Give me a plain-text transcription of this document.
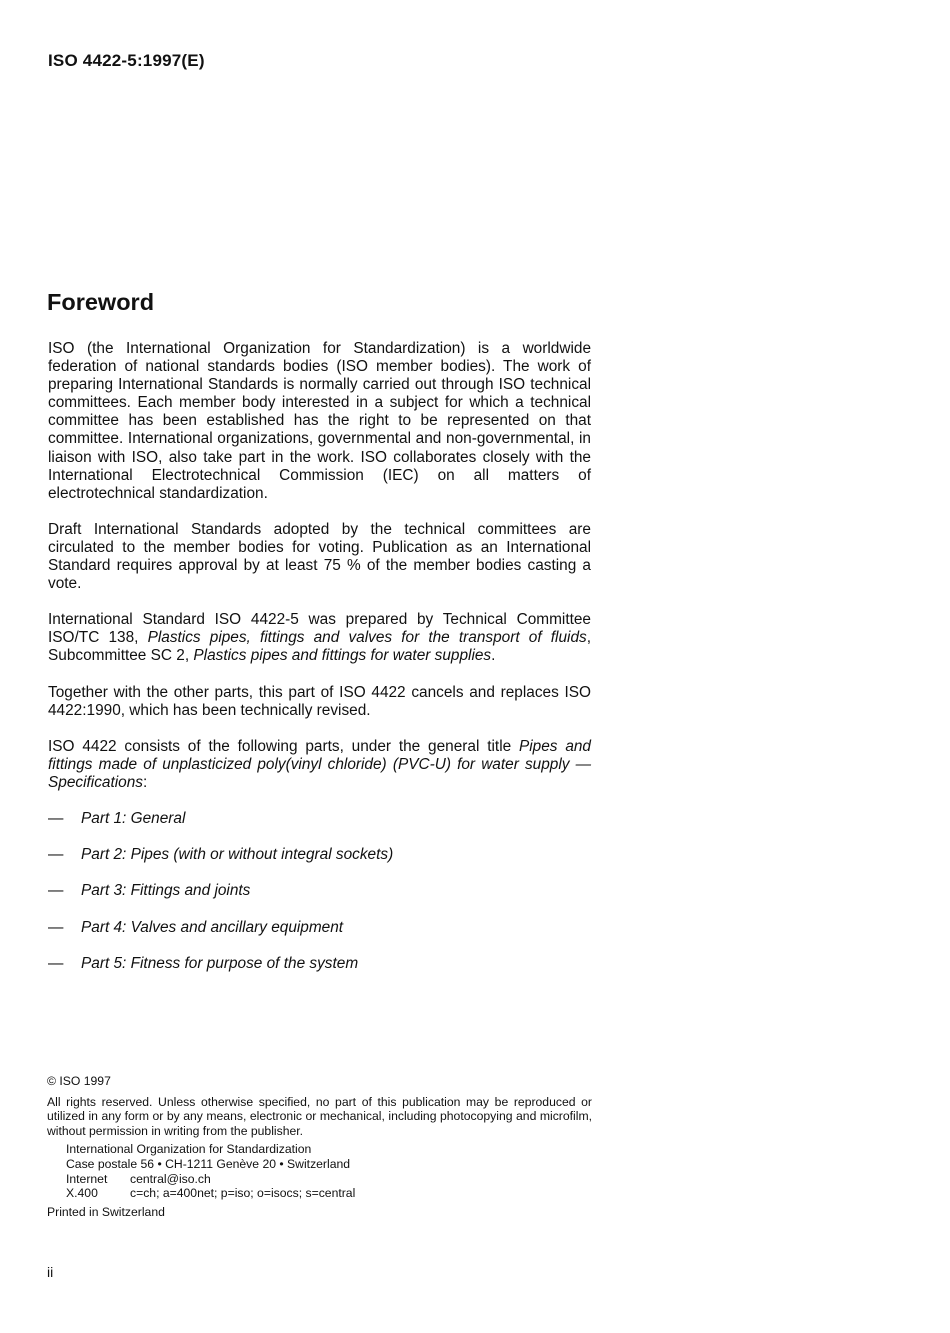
ISO 4422-5:1997(E)
Foreword

ISO (the International Organization for Standardization) is a worldwide federation of national standards bodies (ISO member bodies). The work of preparing International Standards is normally carried out through ISO technical committees. Each member body interested in a subject for which a technical committee has been established has the right to be represented on that committee. International organizations, governmental and non-governmental, in liaison with ISO, also take part in the work. ISO collaborates closely with the International Electrotechnical Commission (IEC) on all matters of electrotechnical standardization.

Draft International Standards adopted by the technical committees are circulated to the member bodies for voting. Publication as an International Standard requires approval by at least 75 % of the member bodies casting a vote.

International Standard ISO 4422-5 was prepared by Technical Committee ISO/TC 138, Plastics pipes, fittings and valves for the transport of fluids, Subcommittee SC 2, Plastics pipes and fittings for water supplies.

Together with the other parts, this part of ISO 4422 cancels and replaces ISO 4422:1990, which has been technically revised.

ISO 4422 consists of the following parts, under the general title Pipes and fittings made of unplasticized poly(vinyl chloride) (PVC-U) for water supply — Specifications:

—	Part 1: General
—	Part 2: Pipes (with or without integral sockets)
—	Part 3: Fittings and joints
—	Part 4: Valves and ancillary equipment
—	Part 5: Fitness for purpose of the system
© ISO 1997
All rights reserved. Unless otherwise specified, no part of this publication may be reproduced or utilized in any form or by any means, electronic or mechanical, including photocopying and microfilm, without permission in writing from the publisher.
International Organization for Standardization
Case postale 56 • CH-1211 Genève 20 • Switzerland
Internet	central@iso.ch
X.400	c=ch; a=400net; p=iso; o=isocs; s=central
Printed in Switzerland
ii
